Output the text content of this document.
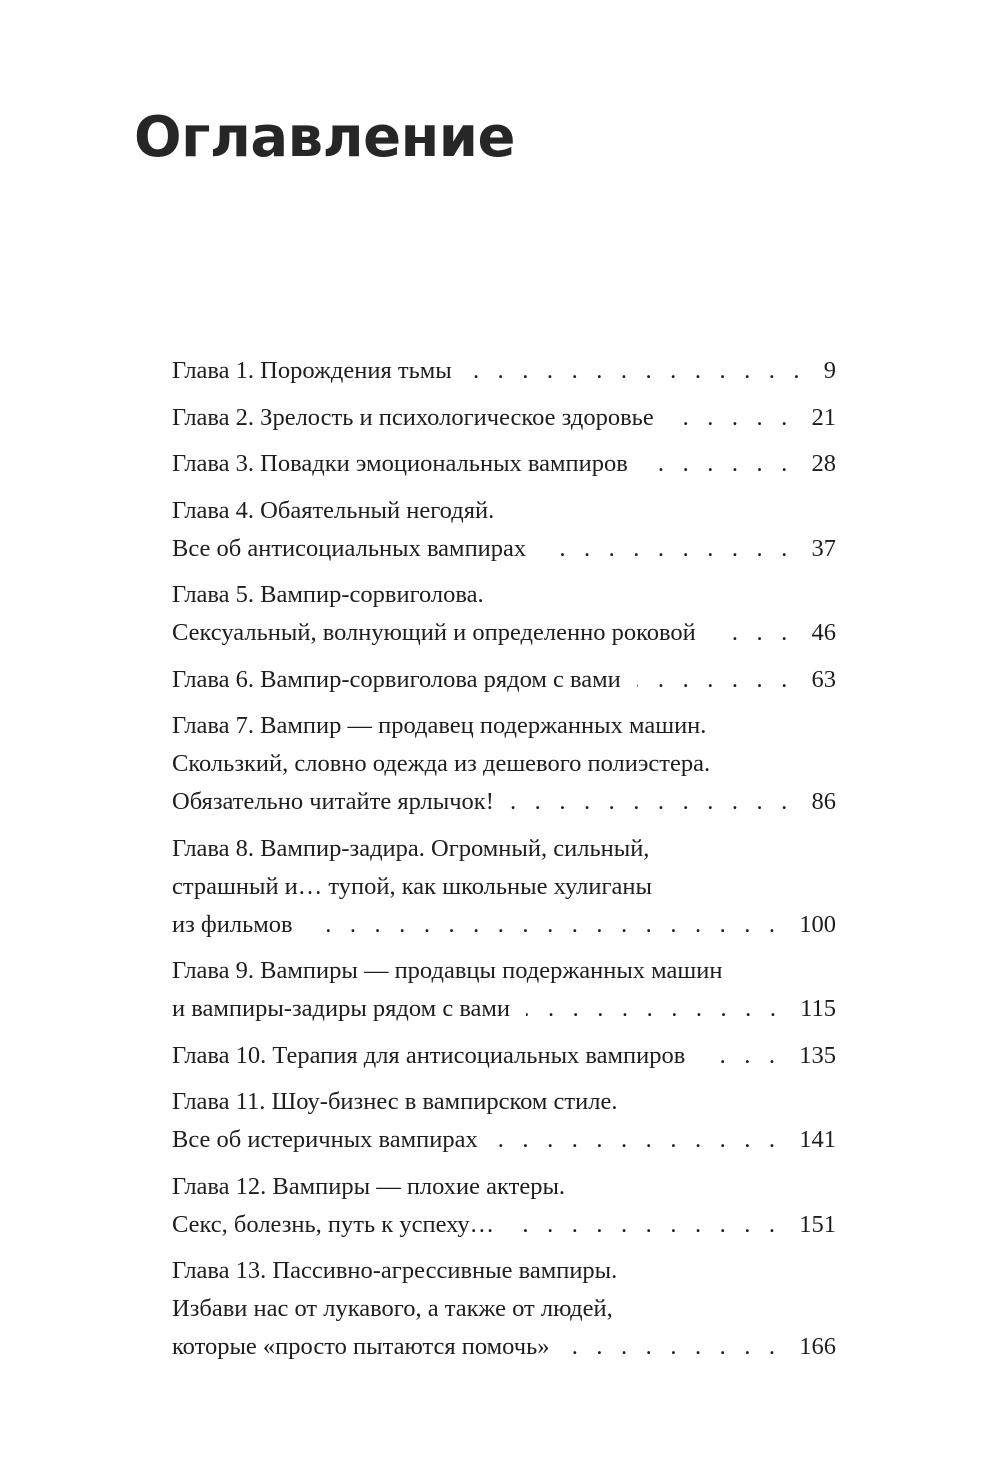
Оглавление
Глава 1. Порождения тьмы . . .	9
Глава 2. Зрелость и психологическое здоровье . . .	21
Глава 3. Повадки эмоциональных вампиров . . .	28
Глава 4. Обаятельный негодяй.
Все об антисоциальных вампирах . . .	37
Глава 5. Вампир-сорвиголова.
Сексуальный, волнующий и определенно роковой . . .	46
Глава 6. Вампир-сорвиголова рядом с вами . . .	63
Глава 7. Вампир — продавец подержанных машин.
Скользкий, словно одежда из дешевого полиэстера.
Обязательно читайте ярлычок! . . .	86
Глава 8. Вампир-задира. Огромный, сильный,
страшный и… тупой, как школьные хулиганы
из фильмов . . .	100
Глава 9. Вампиры — продавцы подержанных машин
и вампиры-задиры рядом с вами . . .	115
Глава 10. Терапия для антисоциальных вампиров . . .	135
Глава 11. Шоу-бизнес в вампирском стиле.
Все об истеричных вампирах . . .	141
Глава 12. Вампиры — плохие актеры.
Секс, болезнь, путь к успеху… . . .	151
Глава 13. Пассивно-агрессивные вампиры.
Избави нас от лукавого, а также от людей,
которые «просто пытаются помочь» . . .	166
